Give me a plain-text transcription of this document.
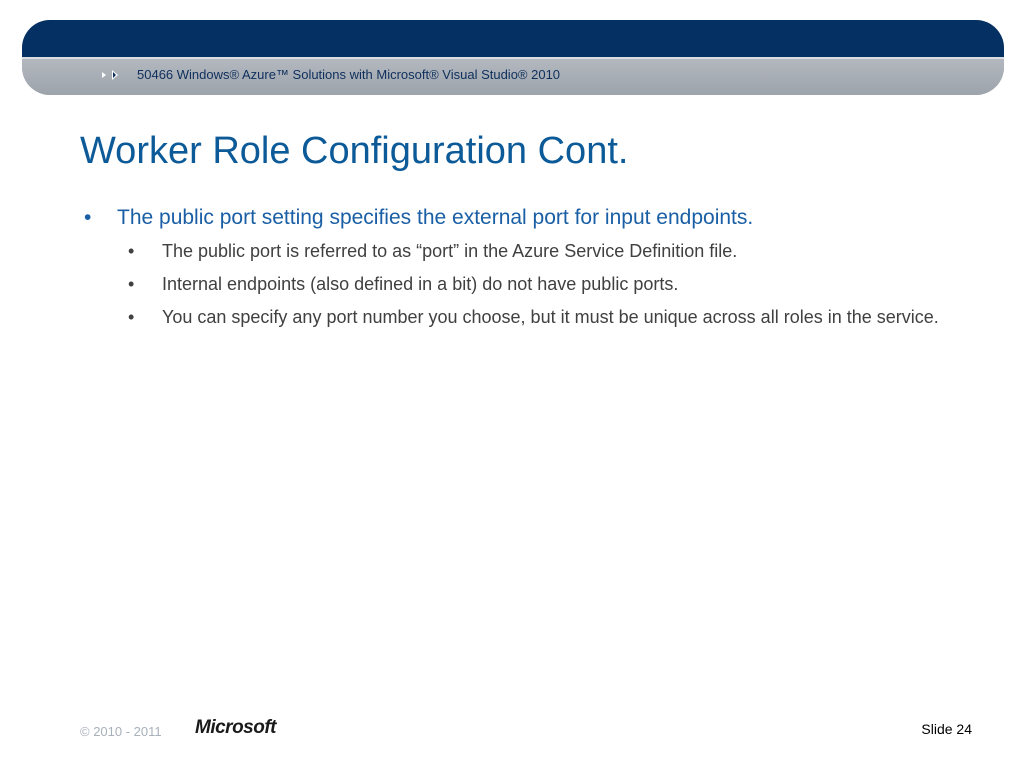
50466 Windows® Azure™ Solutions with Microsoft® Visual Studio® 2010
Worker Role Configuration Cont.
• The public port setting specifies the external port for input endpoints.
• The public port is referred to as “port” in the Azure Service Definition file.
• Internal endpoints (also defined in a bit) do not have public ports.
• You can specify any port number you choose, but it must be unique across all roles in the service.
© 2010 - 2011 Microsoft	Slide 24
